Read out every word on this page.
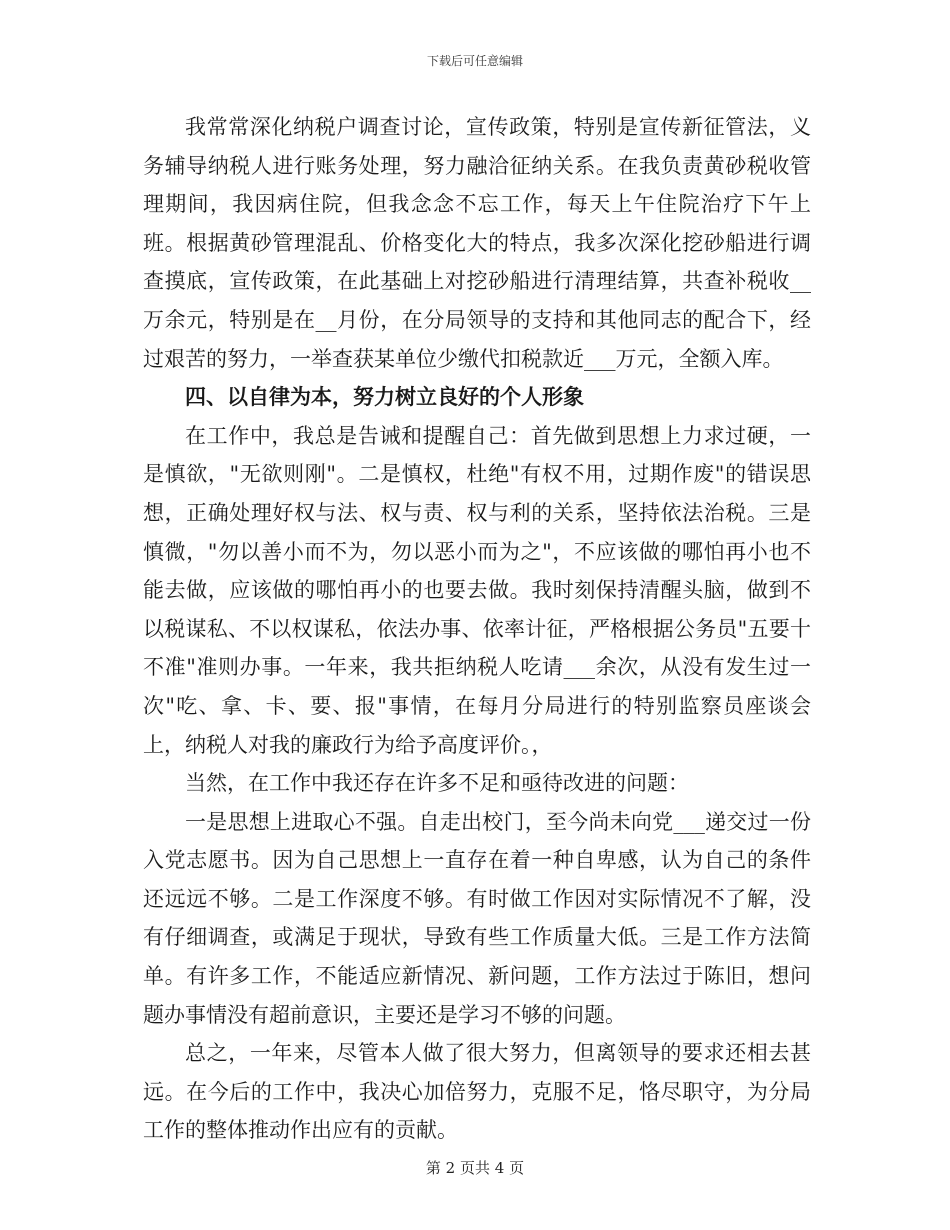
下载后可任意编辑

我常常深化纳税户调查讨论，宣传政策，特别是宣传新征管法，义务辅导纳税人进行账务处理，努力融洽征纳关系。在我负责黄砂税收管理期间，我因病住院，但我念念不忘工作，每天上午住院治疗下午上班。根据黄砂管理混乱、价格变化大的特点，我多次深化挖砂船进行调查摸底，宣传政策，在此基础上对挖砂船进行清理结算，共查补税收__万余元，特别是在__月份，在分局领导的支持和其他同志的配合下，经过艰苦的努力，一举查获某单位少缴代扣税款近___万元，全额入库。

四、以自律为本，努力树立良好的个人形象

在工作中，我总是告诫和提醒自己：首先做到思想上力求过硬，一是慎欲，"无欲则刚"。二是慎权，杜绝"有权不用，过期作废"的错误思想，正确处理好权与法、权与责、权与利的关系，坚持依法治税。三是慎微，"勿以善小而不为，勿以恶小而为之"，不应该做的哪怕再小也不能去做，应该做的哪怕再小的也要去做。我时刻保持清醒头脑，做到不以税谋私、不以权谋私，依法办事、依率计征，严格根据公务员"五要十不准"准则办事。一年来，我共拒纳税人吃请___余次，从没有发生过一次"吃、拿、卡、要、报"事情，在每月分局进行的特别监察员座谈会上，纳税人对我的廉政行为给予高度评价。，

当然，在工作中我还存在许多不足和亟待改进的问题：

一是思想上进取心不强。自走出校门，至今尚未向党___递交过一份入党志愿书。因为自己思想上一直存在着一种自卑感，认为自己的条件还远远不够。二是工作深度不够。有时做工作因对实际情况不了解，没有仔细调查，或满足于现状，导致有些工作质量大低。三是工作方法简单。有许多工作，不能适应新情况、新问题，工作方法过于陈旧，想问题办事情没有超前意识，主要还是学习不够的问题。

总之，一年来，尽管本人做了很大努力，但离领导的要求还相去甚远。在今后的工作中，我决心加倍努力，克服不足，恪尽职守，为分局工作的整体推动作出应有的贡献。

第 2 页共 4 页
